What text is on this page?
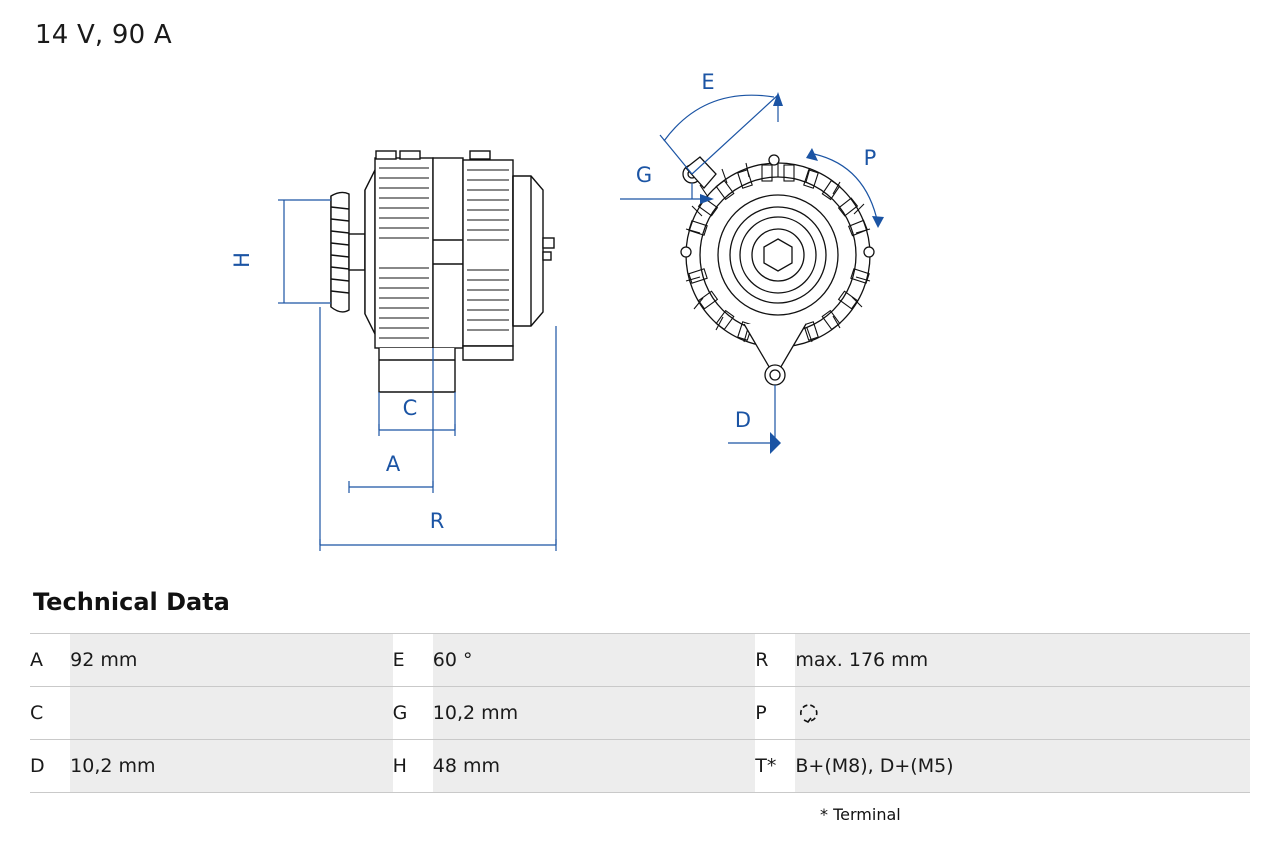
14 V, 90 A
H
C
A
R
E
G
P
D
Technical Data
A	92 mm	E	60 °	R	max. 176 mm
C		G	10,2 mm	P	

D	10,2 mm	H	48 mm	T*	B+(M8), D+(M5)
* Terminal
